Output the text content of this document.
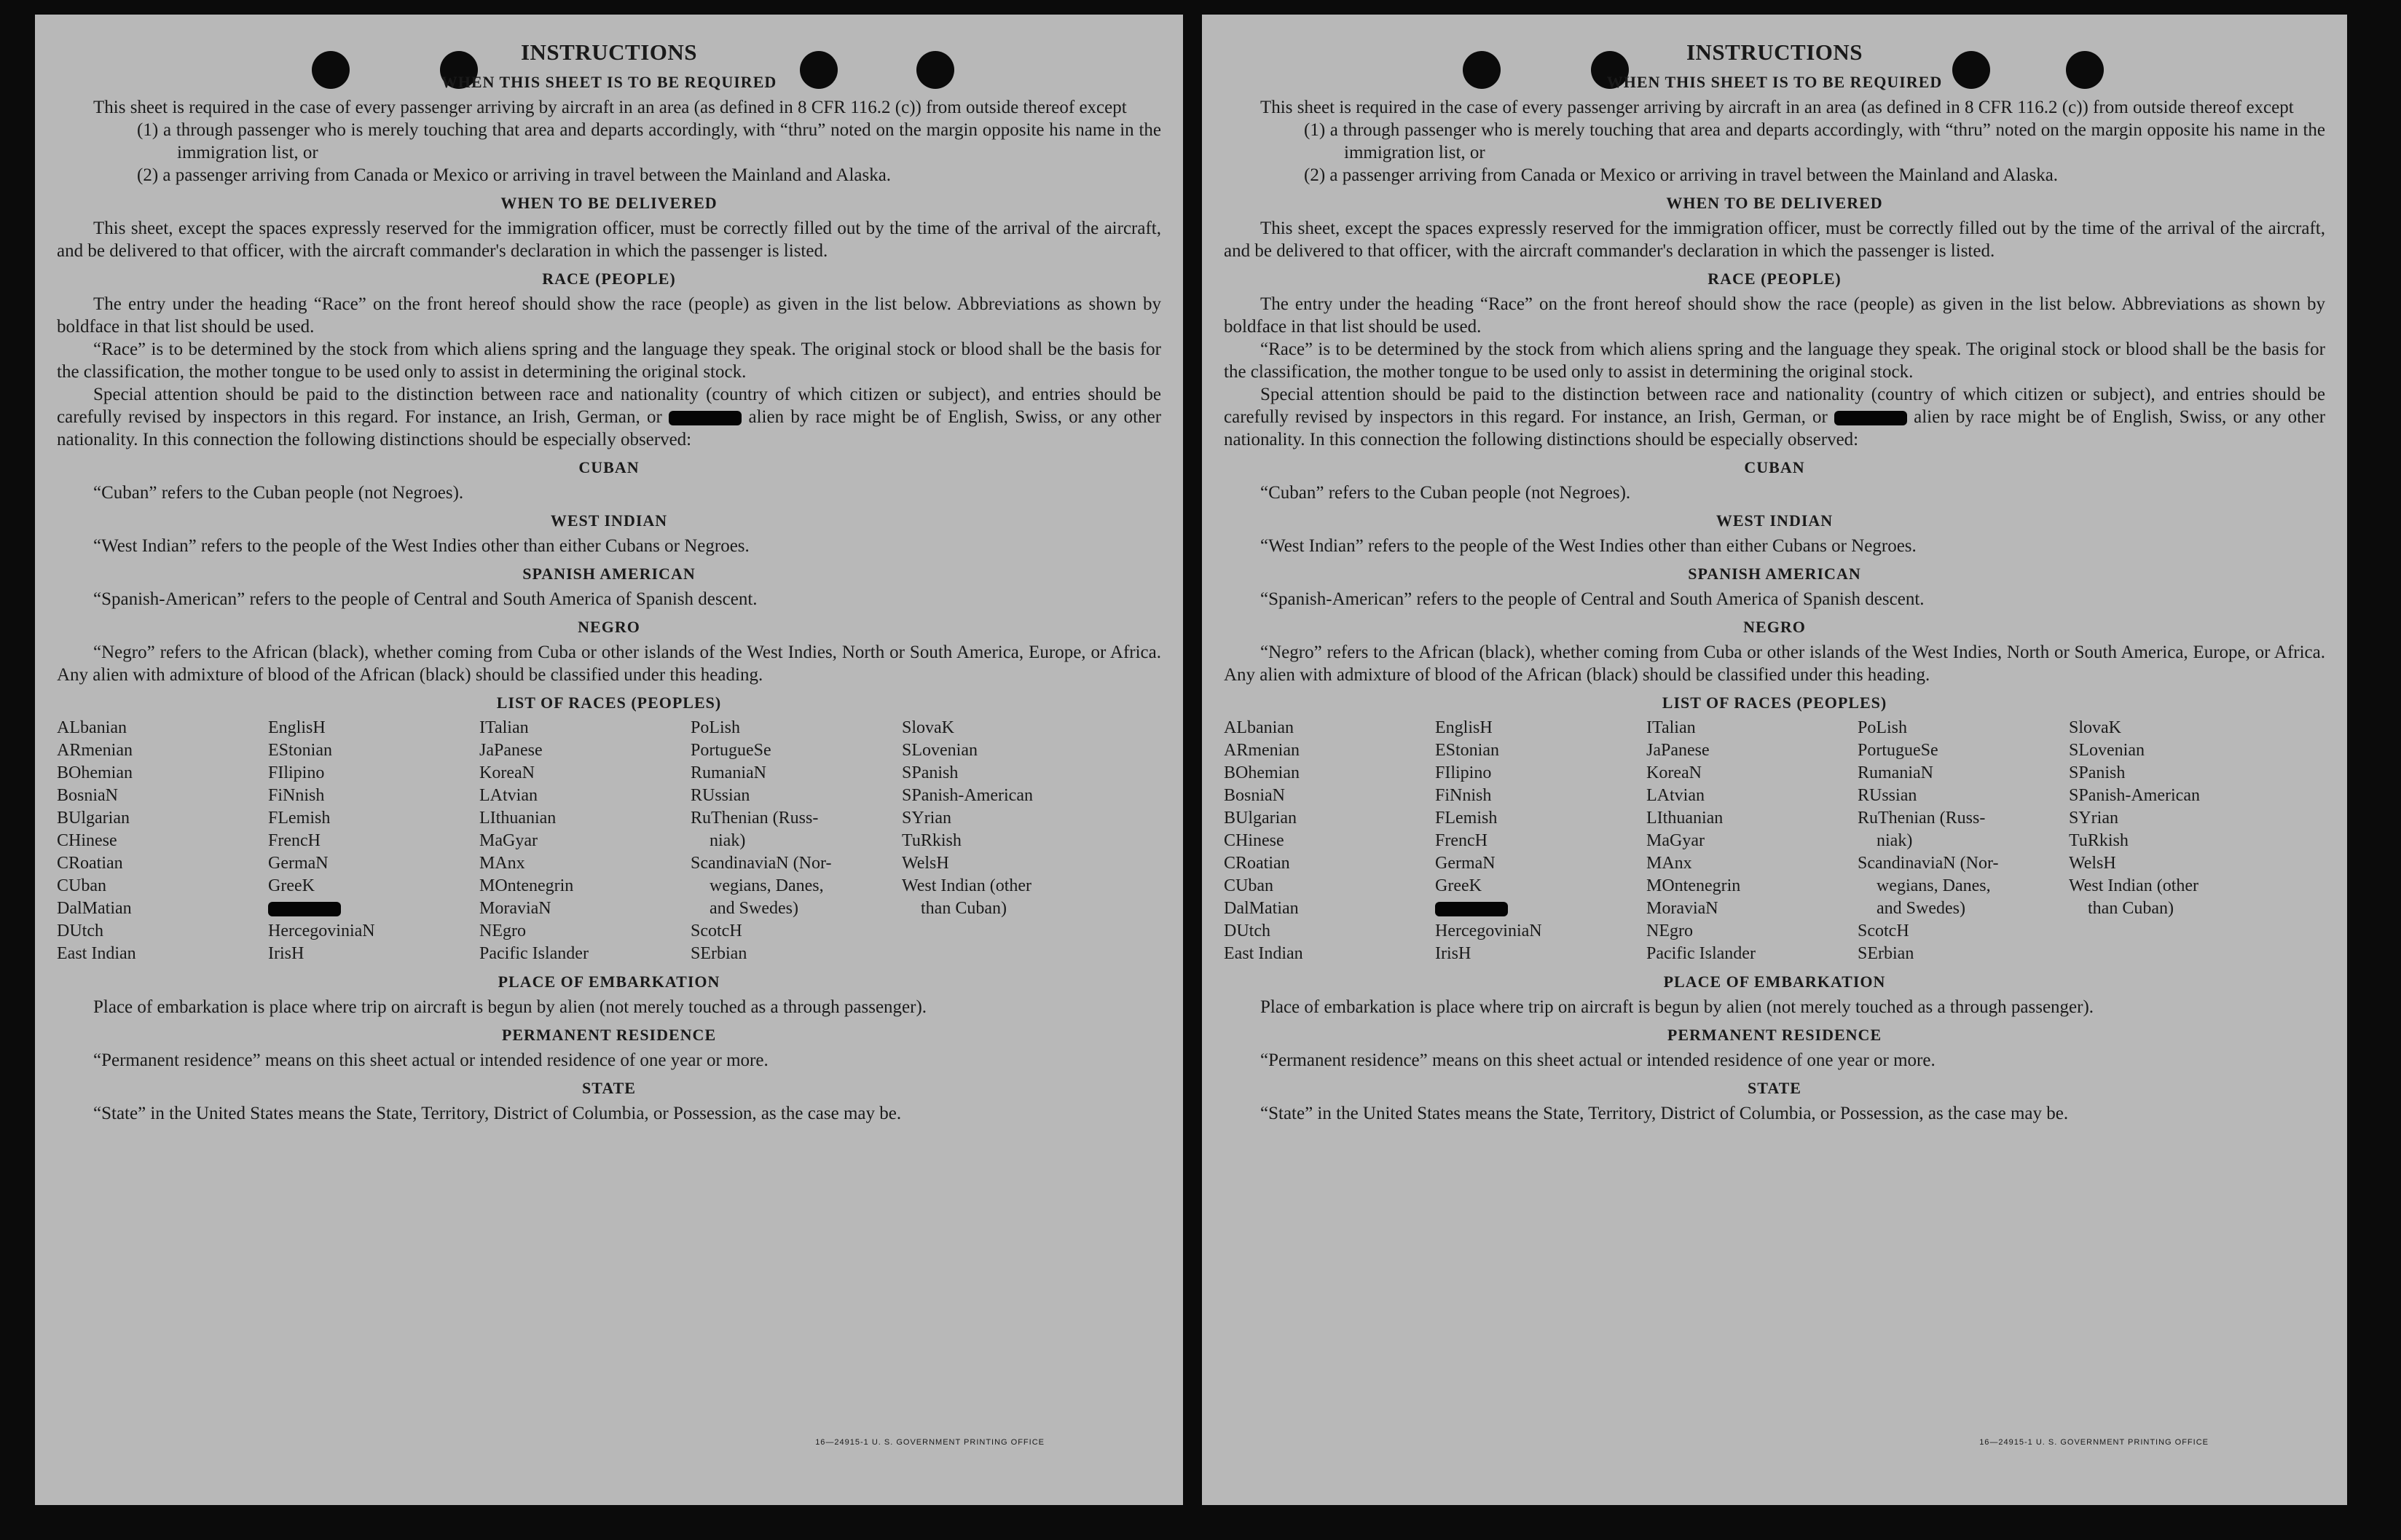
INSTRUCTIONS
WHEN THIS SHEET IS TO BE REQUIRED

This sheet is required in the case of every passenger arriving by aircraft in an area (as defined in 8 CFR 116.2 (c)) from outside thereof except

(1) a through passenger who is merely touching that area and departs accordingly, with “thru” noted on the margin opposite his name in the immigration list, or
(2) a passenger arriving from Canada or Mexico or arriving in travel between the Mainland and Alaska.
WHEN TO BE DELIVERED

This sheet, except the spaces expressly reserved for the immigration officer, must be correctly filled out by the time of the arrival of the aircraft, and be delivered to that officer, with the aircraft commander's declaration in which the passenger is listed.

RACE (PEOPLE)

The entry under the heading “Race” on the front hereof should show the race (people) as given in the list below. Abbreviations as shown by boldface in that list should be used.

“Race” is to be determined by the stock from which aliens spring and the language they speak. The original stock or blood shall be the basis for the classification, the mother tongue to be used only to assist in determining the original stock.

Special attention should be paid to the distinction between race and nationality (country of which citizen or subject), and entries should be carefully revised by inspectors in this regard. For instance, an Irish, German, or	alien by race might be of English, Swiss, or any other nationality. In this connection the following distinctions should be especially observed:

CUBAN

“Cuban” refers to the Cuban people (not Negroes).

WEST INDIAN

“West Indian” refers to the people of the West Indies other than either Cubans or Negroes.

SPANISH AMERICAN

“Spanish-American” refers to the people of Central and South America of Spanish descent.

NEGRO

“Negro” refers to the African (black), whether coming from Cuba or other islands of the West Indies, North or South America, Europe, or Africa. Any alien with admixture of blood of the African (black) should be classified under this heading.

LIST OF RACES (PEOPLES)
ALbanian
ARmenian
BOhemian
BosniaN
BUlgarian
CHinese
CRoatian
CUban
DalMatian
DUtch
East Indian
EnglisH
EStonian
FIlipino
FiNnish
FLemish
FrencH
GermaN
GreeK
HercegoviniaN
IrisH
ITalian
JaPanese
KoreaN
LAtvian
LIthuanian
MaGyar
MAnx
MOntenegrin
MoraviaN
NEgro
Pacific Islander
PoLish
PortugueSe
RumaniaN
RUssian
RuThenian (Russ-
niak)
ScandinaviaN (Nor-
wegians, Danes,
and Swedes)
ScotcH
SErbian
SlovaK
SLovenian
SPanish
SPanish-American
SYrian
TuRkish
WelsH
West Indian (other
than Cuban)
PLACE OF EMBARKATION

Place of embarkation is place where trip on aircraft is begun by alien (not merely touched as a through passenger).

PERMANENT RESIDENCE

“Permanent residence” means on this sheet actual or intended residence of one year or more.

STATE

“State” in the United States means the State, Territory, District of Columbia, or Possession, as the case may be.

16—24915-1 U. S. GOVERNMENT PRINTING OFFICE
INSTRUCTIONS
WHEN THIS SHEET IS TO BE REQUIRED

This sheet is required in the case of every passenger arriving by aircraft in an area (as defined in 8 CFR 116.2 (c)) from outside thereof except

(1) a through passenger who is merely touching that area and departs accordingly, with “thru” noted on the margin opposite his name in the immigration list, or
(2) a passenger arriving from Canada or Mexico or arriving in travel between the Mainland and Alaska.
WHEN TO BE DELIVERED

This sheet, except the spaces expressly reserved for the immigration officer, must be correctly filled out by the time of the arrival of the aircraft, and be delivered to that officer, with the aircraft commander's declaration in which the passenger is listed.

RACE (PEOPLE)

The entry under the heading “Race” on the front hereof should show the race (people) as given in the list below. Abbreviations as shown by boldface in that list should be used.

“Race” is to be determined by the stock from which aliens spring and the language they speak. The original stock or blood shall be the basis for the classification, the mother tongue to be used only to assist in determining the original stock.

Special attention should be paid to the distinction between race and nationality (country of which citizen or subject), and entries should be carefully revised by inspectors in this regard. For instance, an Irish, German, or	alien by race might be of English, Swiss, or any other nationality. In this connection the following distinctions should be especially observed:

CUBAN

“Cuban” refers to the Cuban people (not Negroes).

WEST INDIAN

“West Indian” refers to the people of the West Indies other than either Cubans or Negroes.

SPANISH AMERICAN

“Spanish-American” refers to the people of Central and South America of Spanish descent.

NEGRO

“Negro” refers to the African (black), whether coming from Cuba or other islands of the West Indies, North or South America, Europe, or Africa. Any alien with admixture of blood of the African (black) should be classified under this heading.

LIST OF RACES (PEOPLES)
ALbanian
ARmenian
BOhemian
BosniaN
BUlgarian
CHinese
CRoatian
CUban
DalMatian
DUtch
East Indian
EnglisH
EStonian
FIlipino
FiNnish
FLemish
FrencH
GermaN
GreeK
HercegoviniaN
IrisH
ITalian
JaPanese
KoreaN
LAtvian
LIthuanian
MaGyar
MAnx
MOntenegrin
MoraviaN
NEgro
Pacific Islander
PoLish
PortugueSe
RumaniaN
RUssian
RuThenian (Russ-
niak)
ScandinaviaN (Nor-
wegians, Danes,
and Swedes)
ScotcH
SErbian
SlovaK
SLovenian
SPanish
SPanish-American
SYrian
TuRkish
WelsH
West Indian (other
than Cuban)
PLACE OF EMBARKATION

Place of embarkation is place where trip on aircraft is begun by alien (not merely touched as a through passenger).

PERMANENT RESIDENCE

“Permanent residence” means on this sheet actual or intended residence of one year or more.

STATE

“State” in the United States means the State, Territory, District of Columbia, or Possession, as the case may be.

16—24915-1 U. S. GOVERNMENT PRINTING OFFICE
